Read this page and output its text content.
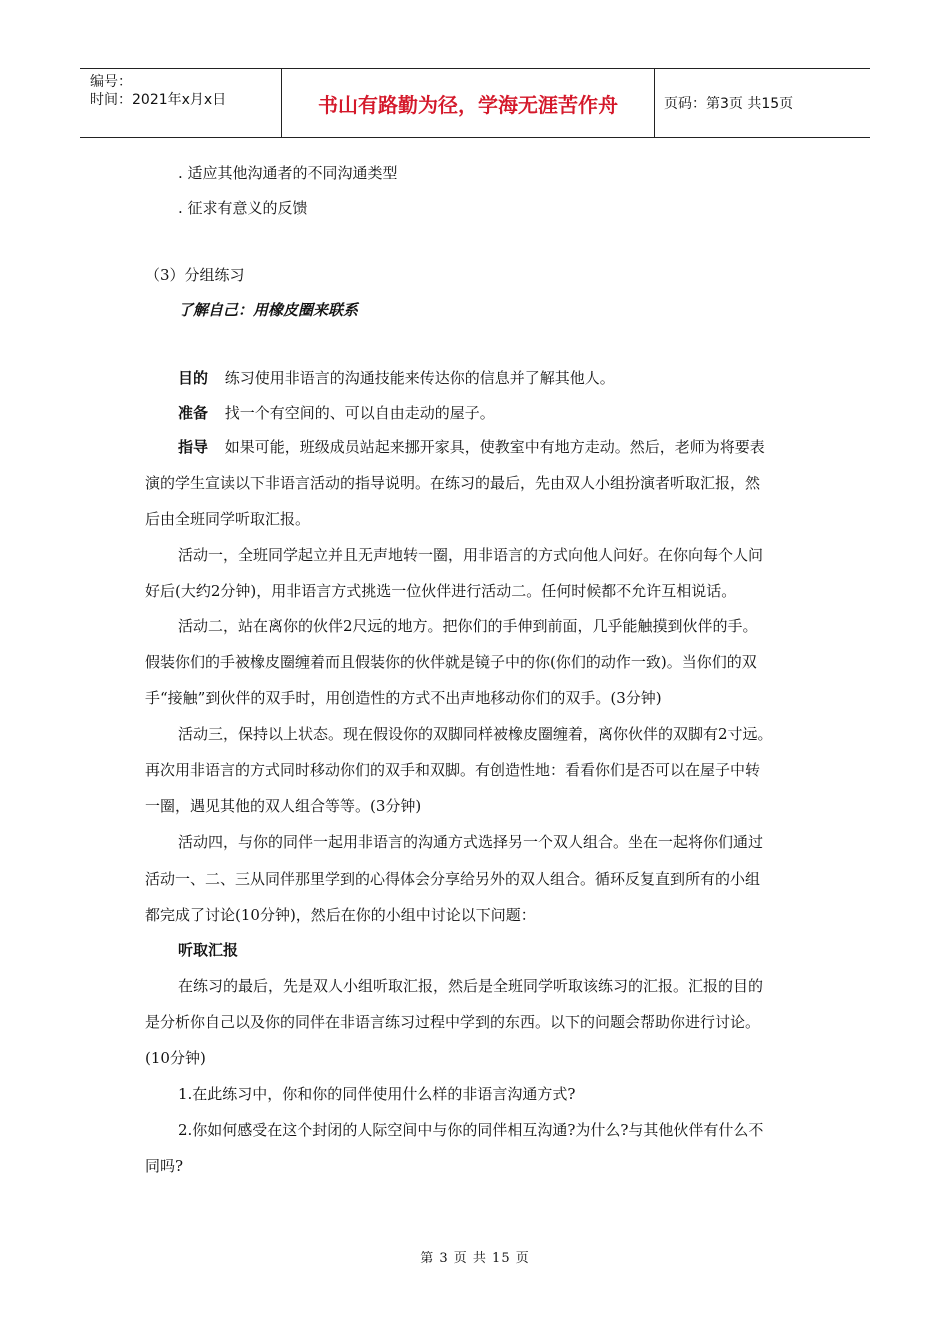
编号：
时间：2021年x月x日	书山有路勤为径，学海无涯苦作舟	页码：第3页 共15页
. 适应其他沟通者的不同沟通类型
. 征求有意义的反馈
（3）分组练习
了解自己：用橡皮圈来联系
目的 练习使用非语言的沟通技能来传达你的信息并了解其他人。
准备 找一个有空间的、可以自由走动的屋子。
指导 如果可能，班级成员站起来挪开家具，使教室中有地方走动。然后，老师为将要表
演的学生宣读以下非语言活动的指导说明。在练习的最后，先由双人小组扮演者听取汇报，然
后由全班同学听取汇报。
活动一，全班同学起立并且无声地转一圈，用非语言的方式向他人问好。在你向每个人问
好后(大约2分钟)，用非语言方式挑选一位伙伴进行活动二。任何时候都不允许互相说话。
活动二，站在离你的伙伴2尺远的地方。把你们的手伸到前面，几乎能触摸到伙伴的手。
假装你们的手被橡皮圈缠着而且假装你的伙伴就是镜子中的你(你们的动作一致)。当你们的双
手“接触”到伙伴的双手时，用创造性的方式不出声地移动你们的双手。(3分钟)
活动三，保持以上状态。现在假设你的双脚同样被橡皮圈缠着，离你伙伴的双脚有2寸远。
再次用非语言的方式同时移动你们的双手和双脚。有创造性地：看看你们是否可以在屋子中转
一圈，遇见其他的双人组合等等。(3分钟)
活动四，与你的同伴一起用非语言的沟通方式选择另一个双人组合。坐在一起将你们通过
活动一、二、三从同伴那里学到的心得体会分享给另外的双人组合。循环反复直到所有的小组
都完成了讨论(10分钟)，然后在你的小组中讨论以下问题：
听取汇报
在练习的最后，先是双人小组听取汇报，然后是全班同学听取该练习的汇报。汇报的目的
是分析你自己以及你的同伴在非语言练习过程中学到的东西。以下的问题会帮助你进行讨论。
(10分钟)
1.在此练习中，你和你的同伴使用什么样的非语言沟通方式?
2.你如何感受在这个封闭的人际空间中与你的同伴相互沟通?为什么?与其他伙伴有什么不
同吗?
第 3 页 共 15 页
